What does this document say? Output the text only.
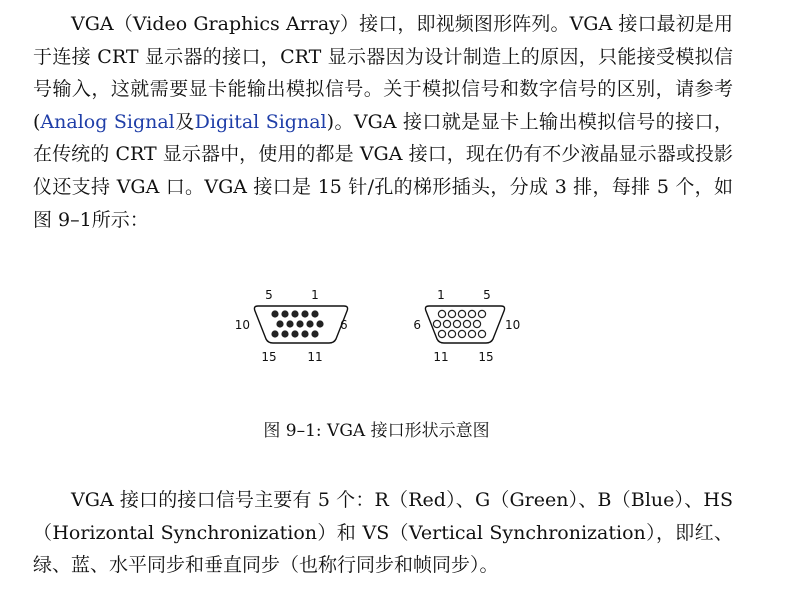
VGA（Video Graphics Array）接口，即视频图形阵列。VGA 接口最初是用于连接 CRT 显示器的接口，CRT 显示器因为设计制造上的原因，只能接受模拟信号输入，这就需要显卡能输出模拟信号。关于模拟信号和数字信号的区别，请参考 (Analog Signal及Digital Signal)。VGA 接口就是显卡上输出模拟信号的接口，在传统的 CRT 显示器中，使用的都是 VGA 接口，现在仍有不少液晶显示器或投影仪还支持 VGA 口。VGA 接口是 15 针/孔的梯形插头，分成 3 排，每排 5 个，如图 9–1所示：

5	1
10	6
15	11
1	5
6	10
11 15

图 9–1: VGA 接口形状示意图

VGA 接口的接口信号主要有 5 个：R（Red）、G（Green）、B（Blue）、HS（Horizontal Synchronization）和 VS（Vertical Synchronization），即红、绿、蓝、水平同步和垂直同步（也称行同步和帧同步）。
